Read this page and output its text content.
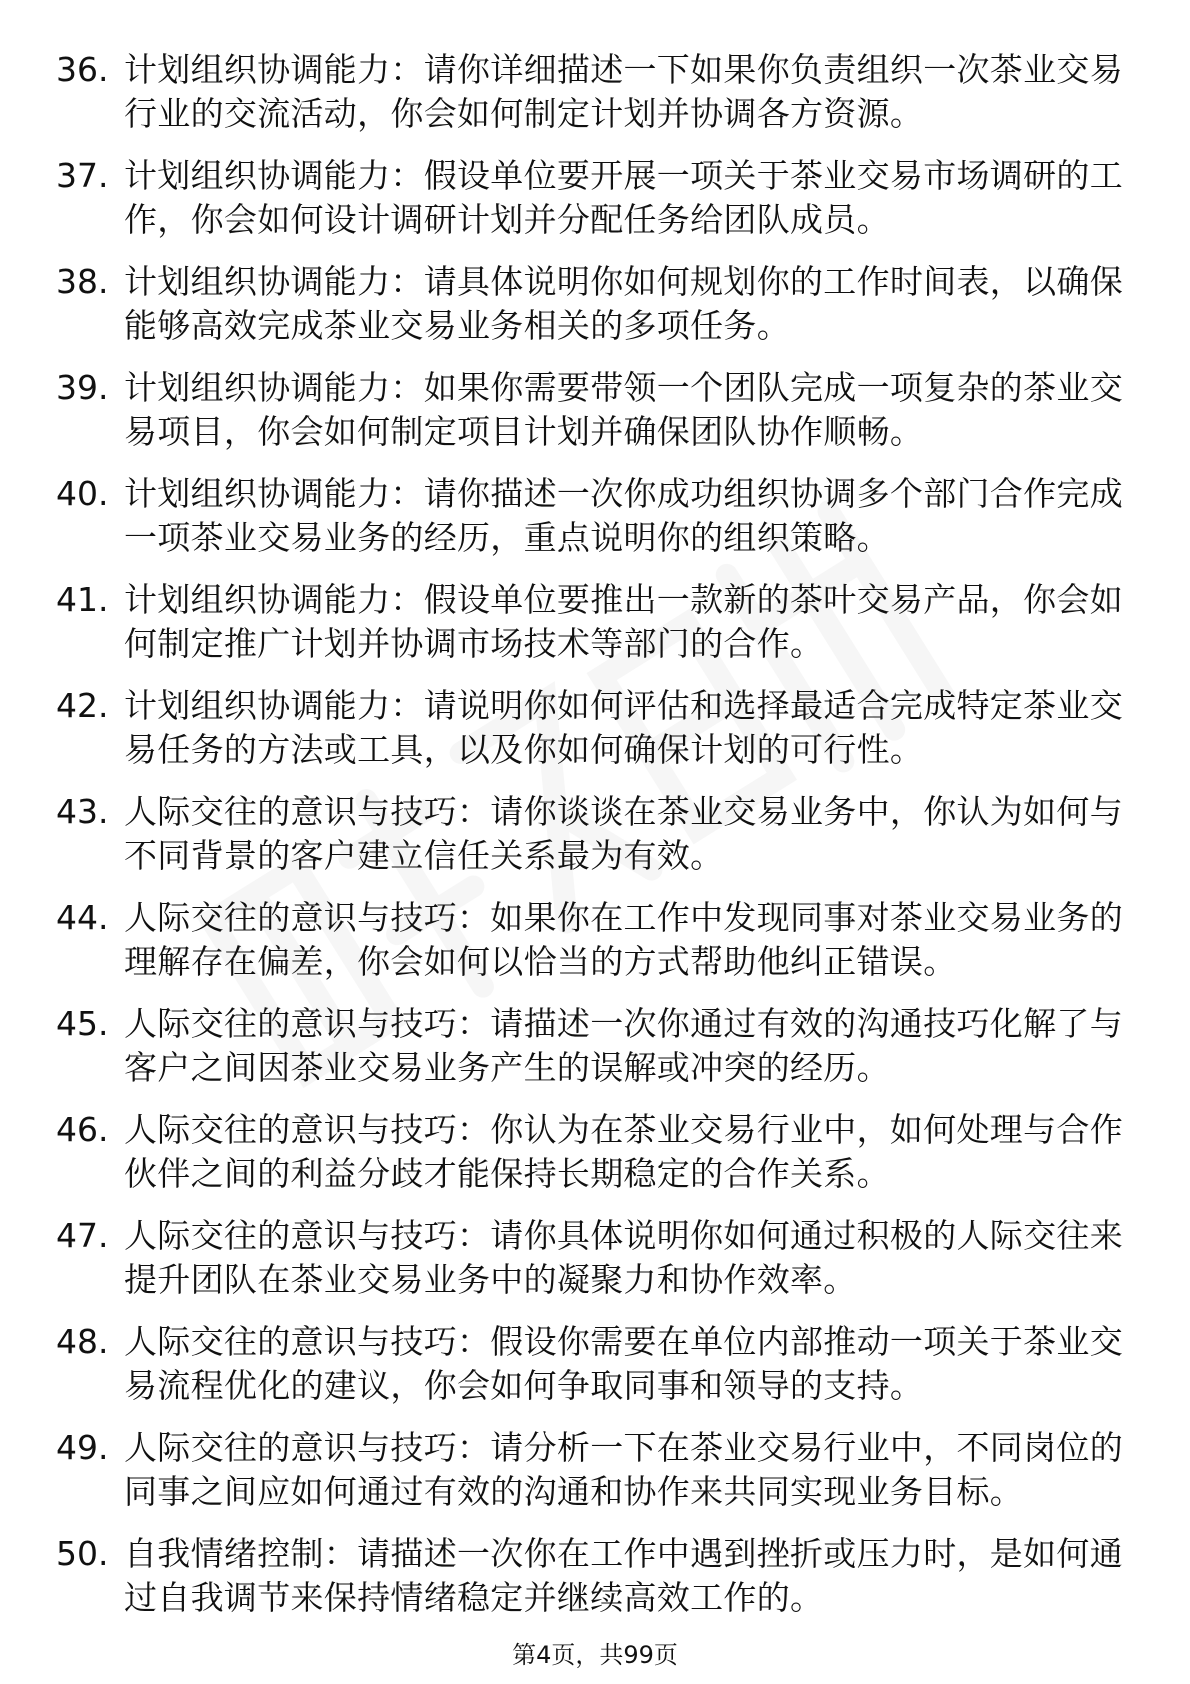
36. 计划组织协调能力：请你详细描述一下如果你负责组织一次茶业交易行业的交流活动，你会如何制定计划并协调各方资源。
37. 计划组织协调能力：假设单位要开展一项关于茶业交易市场调研的工作，你会如何设计调研计划并分配任务给团队成员。
38. 计划组织协调能力：请具体说明你如何规划你的工作时间表，以确保能够高效完成茶业交易业务相关的多项任务。
39. 计划组织协调能力：如果你需要带领一个团队完成一项复杂的茶业交易项目，你会如何制定项目计划并确保团队协作顺畅。
40. 计划组织协调能力：请你描述一次你成功组织协调多个部门合作完成一项茶业交易业务的经历，重点说明你的组织策略。
41. 计划组织协调能力：假设单位要推出一款新的茶叶交易产品，你会如何制定推广计划并协调市场技术等部门的合作。
42. 计划组织协调能力：请说明你如何评估和选择最适合完成特定茶业交易任务的方法或工具，以及你如何确保计划的可行性。
43. 人际交往的意识与技巧：请你谈谈在茶业交易业务中，你认为如何与不同背景的客户建立信任关系最为有效。
44. 人际交往的意识与技巧：如果你在工作中发现同事对茶业交易业务的理解存在偏差，你会如何以恰当的方式帮助他纠正错误。
45. 人际交往的意识与技巧：请描述一次你通过有效的沟通技巧化解了与客户之间因茶业交易业务产生的误解或冲突的经历。
46. 人际交往的意识与技巧：你认为在茶业交易行业中，如何处理与合作伙伴之间的利益分歧才能保持长期稳定的合作关系。
47. 人际交往的意识与技巧：请你具体说明你如何通过积极的人际交往来提升团队在茶业交易业务中的凝聚力和协作效率。
48. 人际交往的意识与技巧：假设你需要在单位内部推动一项关于茶业交易流程优化的建议，你会如何争取同事和领导的支持。
49. 人际交往的意识与技巧：请分析一下在茶业交易行业中，不同岗位的同事之间应如何通过有效的沟通和协作来共同实现业务目标。
50. 自我情绪控制：请描述一次你在工作中遇到挫折或压力时，是如何通过自我调节来保持情绪稳定并继续高效工作的。
第4页，共99页
